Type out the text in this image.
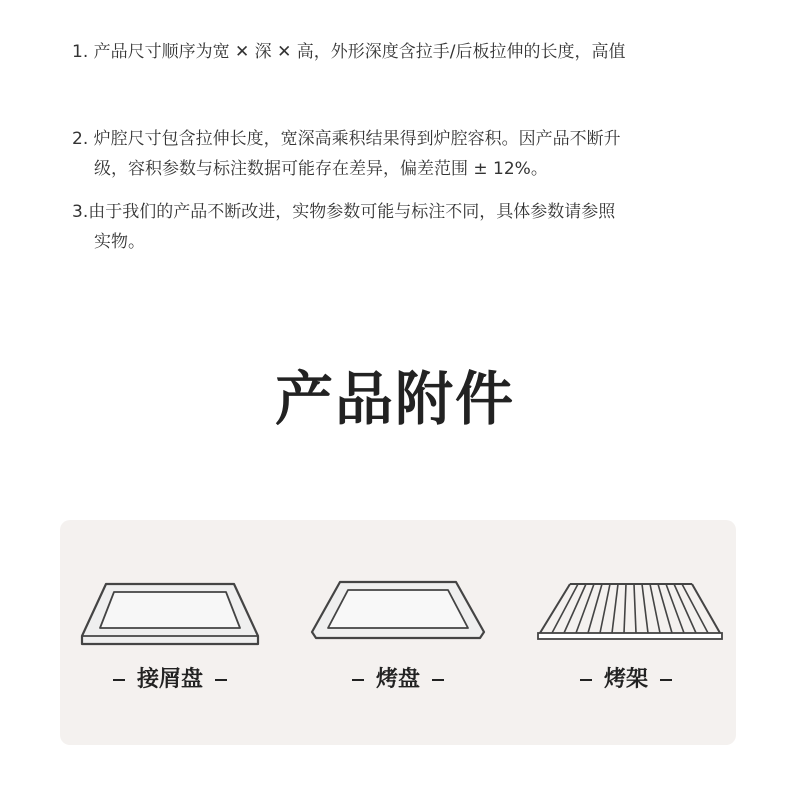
1. 产品尺寸顺序为宽 ✕ 深 ✕ 高，外形深度含拉手/后板拉伸的长度，高值
2. 炉腔尺寸包含拉伸长度，宽深高乘积结果得到炉腔容积。因产品不断升
级，容积参数与标注数据可能存在差异，偏差范围 ± 12%。
3.由于我们的产品不断改进，实物参数可能与标注不同，具体参数请参照
实物。
产品附件
接屑盘	烤盘	烤架
